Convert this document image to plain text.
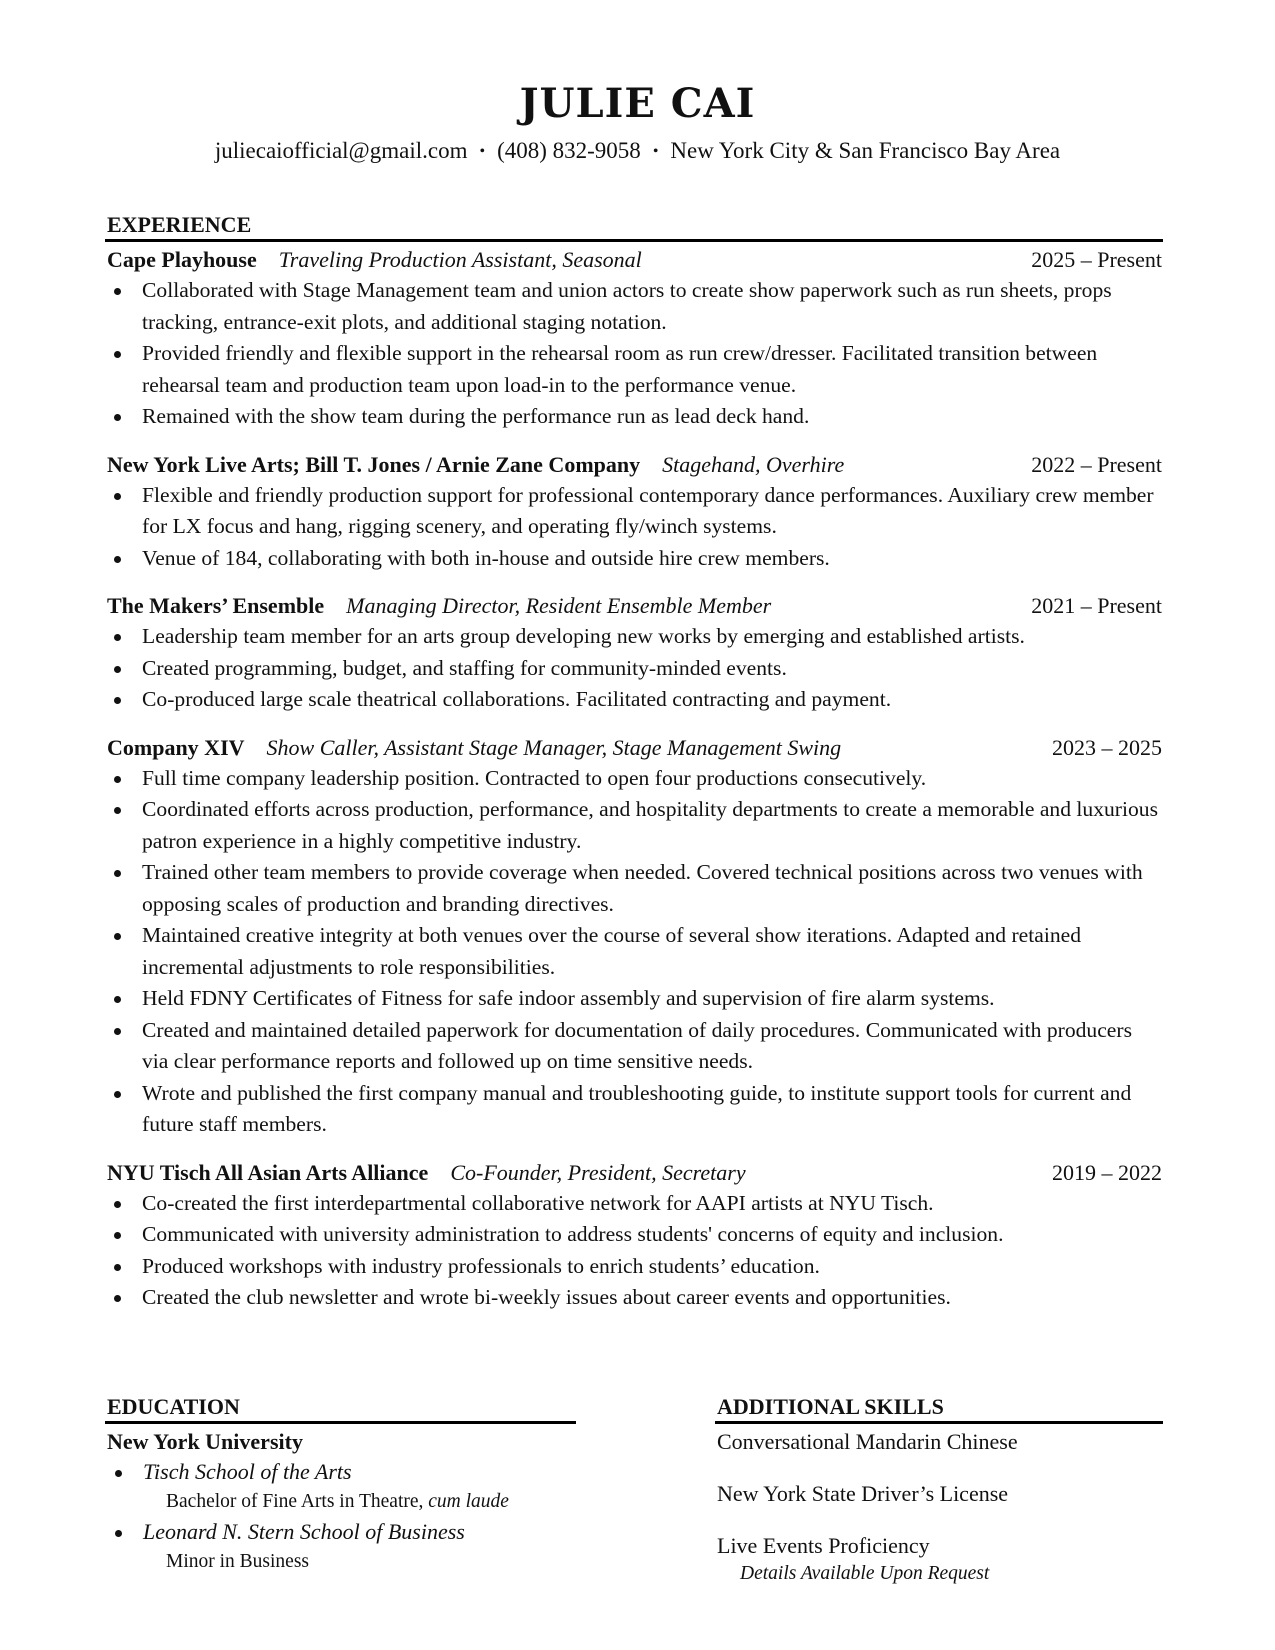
JULIE CAI
juliecaiofficial@gmail.com • (408) 832-9058 • New York City & San Francisco Bay Area
EXPERIENCE
Cape Playhouse Traveling Production Assistant, Seasonal	2025 – Present
Collaborated with Stage Management team and union actors to create show paperwork such as run sheets, props tracking, entrance-exit plots, and additional staging notation.
Provided friendly and flexible support in the rehearsal room as run crew/dresser. Facilitated transition between rehearsal team and production team upon load-in to the performance venue.
Remained with the show team during the performance run as lead deck hand.
New York Live Arts; Bill T. Jones / Arnie Zane Company Stagehand, Overhire	2022 – Present
Flexible and friendly production support for professional contemporary dance performances. Auxiliary crew member for LX focus and hang, rigging scenery, and operating fly/winch systems.
Venue of 184, collaborating with both in-house and outside hire crew members.
The Makers’ Ensemble Managing Director, Resident Ensemble Member	2021 – Present
Leadership team member for an arts group developing new works by emerging and established artists.
Created programming, budget, and staffing for community-minded events.
Co-produced large scale theatrical collaborations. Facilitated contracting and payment.
Company XIV Show Caller, Assistant Stage Manager, Stage Management Swing	2023 – 2025
Full time company leadership position. Contracted to open four productions consecutively.
Coordinated efforts across production, performance, and hospitality departments to create a memorable and luxurious patron experience in a highly competitive industry.
Trained other team members to provide coverage when needed. Covered technical positions across two venues with opposing scales of production and branding directives.
Maintained creative integrity at both venues over the course of several show iterations. Adapted and retained incremental adjustments to role responsibilities.
Held FDNY Certificates of Fitness for safe indoor assembly and supervision of fire alarm systems.
Created and maintained detailed paperwork for documentation of daily procedures. Communicated with producers via clear performance reports and followed up on time sensitive needs.
Wrote and published the first company manual and troubleshooting guide, to institute support tools for current and future staff members.
NYU Tisch All Asian Arts Alliance Co-Founder, President, Secretary	2019 – 2022
Co-created the first interdepartmental collaborative network for AAPI artists at NYU Tisch.
Communicated with university administration to address students' concerns of equity and inclusion.
Produced workshops with industry professionals to enrich students’ education.
Created the club newsletter and wrote bi-weekly issues about career events and opportunities.
EDUCATION	ADDITIONAL SKILLS
New York University
Tisch School of the Arts
Bachelor of Fine Arts in Theatre, cum laude
Leonard N. Stern School of Business
Minor in Business
Conversational Mandarin Chinese
New York State Driver’s License
Live Events Proficiency
Details Available Upon Request
